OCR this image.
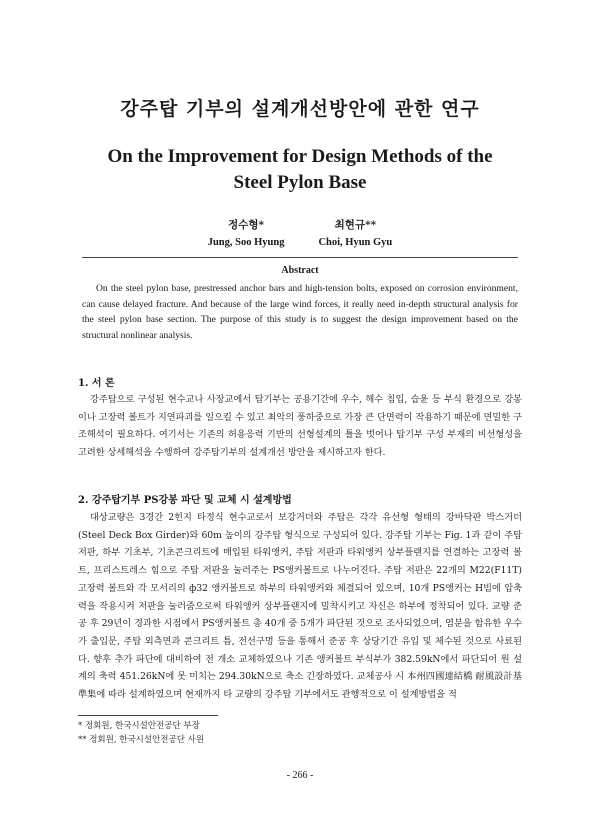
강주탑 기부의 설계개선방안에 관한 연구
On the Improvement for Design Methods of the
Steel Pylon Base
정수형*
Jung, Soo Hyung
최현규**
Choi, Hyun Gyu
Abstract
On the steel pylon base, prestressed anchor bars and high-tension bolts, exposed on corrosion environment, can cause delayed fracture. And because of the large wind forces, it really need in-depth structural analysis for the steel pylon base section. The purpose of this study is to suggest the design improvement based on the structural nonlinear analysis.
1. 서 론
강주탑으로 구성된 현수교나 사장교에서 탑기부는 공용기간에 우수, 해수 침입, 습윤 등 부식 환경으로 강봉이나 고장력 볼트가 지연파괴를 일으킬 수 있고 최악의 풍하중으로 가장 큰 단면력이 작용하기 때문에 면밀한 구조해석이 필요하다. 여기서는 기존의 허용응력 기반의 선형설계의 틀을 벗어나 탑기부 구성 부재의 비선형성을 고려한 상세해석을 수행하여 강주탑기부의 설계개선 방안을 제시하고자 한다.
2. 강주탑기부 PS강봉 파단 및 교체 시 설계방법
대상교량은 3경간 2힌지 타정식 현수교로서 보강거더와 주탑은 각각 유선형 형태의 강바닥판 박스거더(Steel Deck Box Girder)와 60m 높이의 강주탑 형식으로 구성되어 있다. 강주탑 기부는 Fig. 1과 같이 주탑 저판, 하부 기초부, 기초콘크리트에 매입된 타워앵커, 주탑 저판과 타워앵커 상부플랜지를 연결하는 고장력 볼트, 프리스트레스 힘으로 주탑 저판을 눌러주는 PS앵커볼트로 나누어진다. 주탑 저판은 22개의 M22(F11T) 고장력 볼트와 각 모서리의 ф32 앵커볼트로 하부의 타워앵커와 체결되어 있으며, 10개 PS앵커는 H빔에 압축력을 작용시켜 저판을 눌러줌으로써 타워앵커 상부플랜지에 밀착시키고 자신은 하부에 정착되어 있다. 교량 준공 후 29년이 경과한 시점에서 PS앵커볼트 총 40개 중 5개가 파단된 것으로 조사되었으며, 염분을 함유한 우수가 출입문, 주탑 외측면과 콘크리트 틈, 전선구멍 등을 통해서 준공 후 상당기간 유입 및 체수된 것으로 사료된다. 향후 추가 파단에 대비하여 전 개소 교체하였으나 기존 앵커볼트 부식부가 382.59kN에서 파단되어 원 설계의 축력 451.26kN에 못 미치는 294.30kN으로 축소 긴장하였다. 교체공사 시 本州四國連結橋 耐風設計基準集에 따라 설계하였으며 현재까지 타 교량의 강주탑 기부에서도 관행적으로 이 설계방법을 적
* 정회원, 한국시설안전공단 부장
** 정회원, 한국시설안전공단 사원
- 266 -
